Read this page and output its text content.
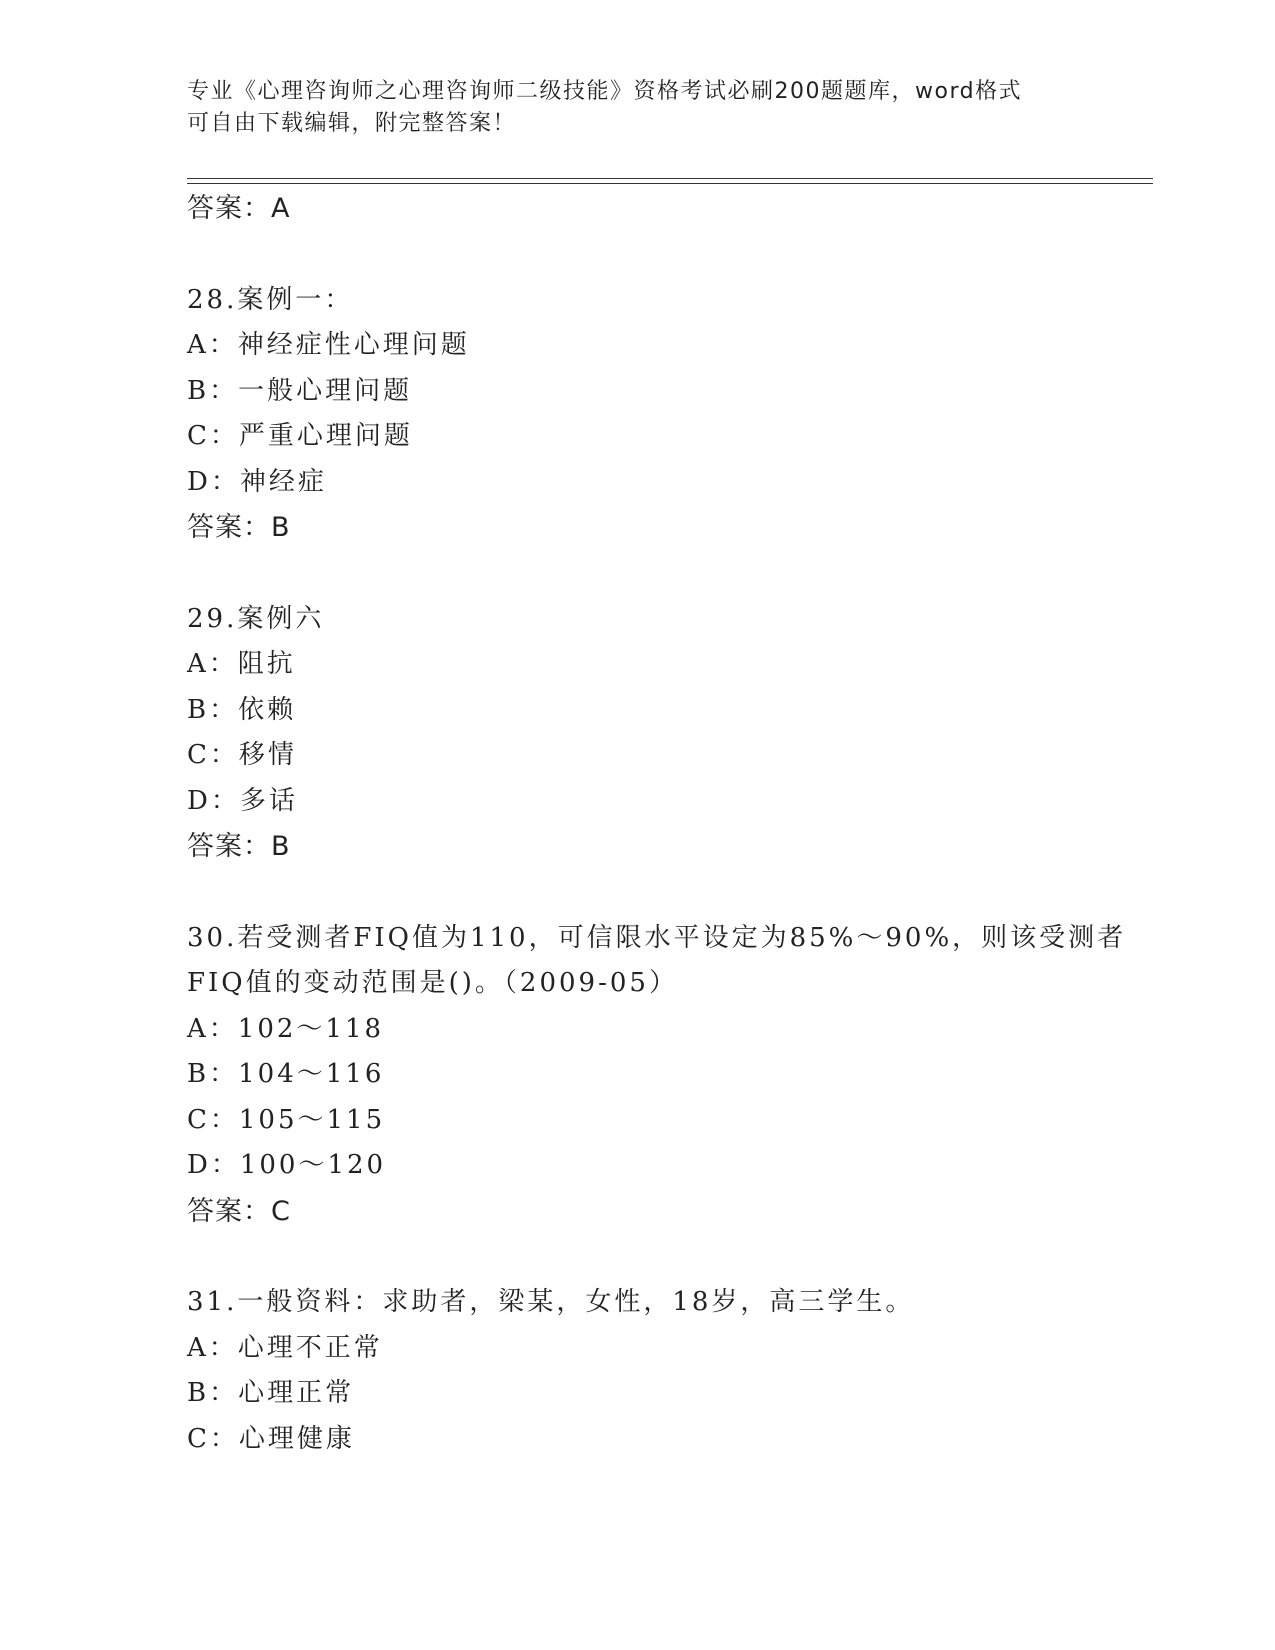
专业《心理咨询师之心理咨询师二级技能》资格考试必刷200题题库，word格式
可自由下载编辑，附完整答案！
答案：A
28.案例一：
A：神经症性心理问题
B：一般心理问题
C：严重心理问题
D：神经症
答案：B
29.案例六
A：阻抗
B：依赖
C：移情
D：多话
答案：B
30.若受测者FIQ值为110，可信限水平设定为85%～90%，则该受测者
FIQ值的变动范围是()。（2009-05）
A：102～118
B：104～116
C：105～115
D：100～120
答案：C
31.一般资料：求助者，梁某，女性，18岁，高三学生。
A：心理不正常
B：心理正常
C：心理健康
